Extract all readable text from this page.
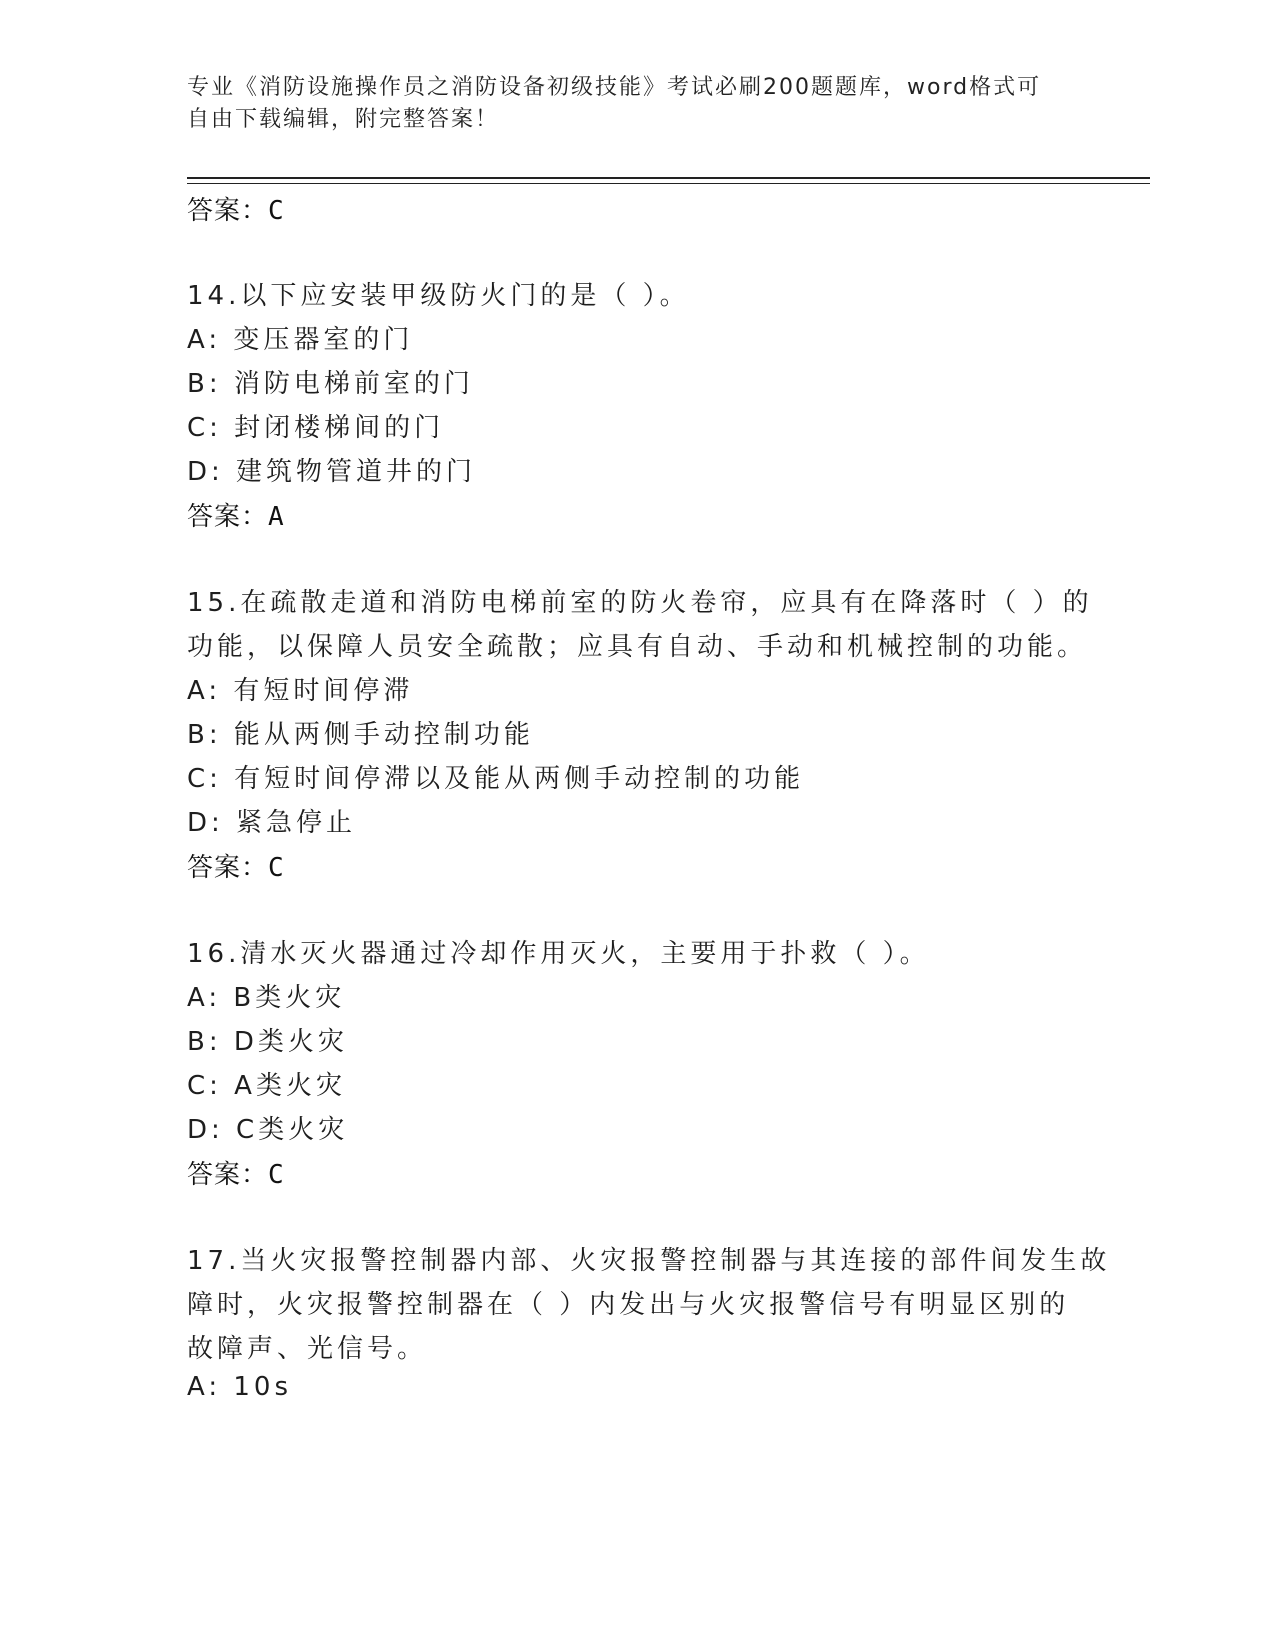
专业《消防设施操作员之消防设备初级技能》考试必刷200题题库，word格式可
自由下载编辑，附完整答案！
答案：C
14.以下应安装甲级防火门的是（ ）。
A: 变压器室的门
B: 消防电梯前室的门
C: 封闭楼梯间的门
D: 建筑物管道井的门
答案：A
15.在疏散走道和消防电梯前室的防火卷帘，应具有在降落时（ ）的
功能，以保障人员安全疏散；应具有自动、手动和机械控制的功能。
A: 有短时间停滞
B: 能从两侧手动控制功能
C: 有短时间停滞以及能从两侧手动控制的功能
D: 紧急停止
答案：C
16.清水灭火器通过冷却作用灭火，主要用于扑救（ ）。
A: B类火灾
B: D类火灾
C: A类火灾
D: C类火灾
答案：C
17.当火灾报警控制器内部、火灾报警控制器与其连接的部件间发生故
障时，火灾报警控制器在（ ）内发出与火灾报警信号有明显区别的
故障声、光信号。
A: 10s
